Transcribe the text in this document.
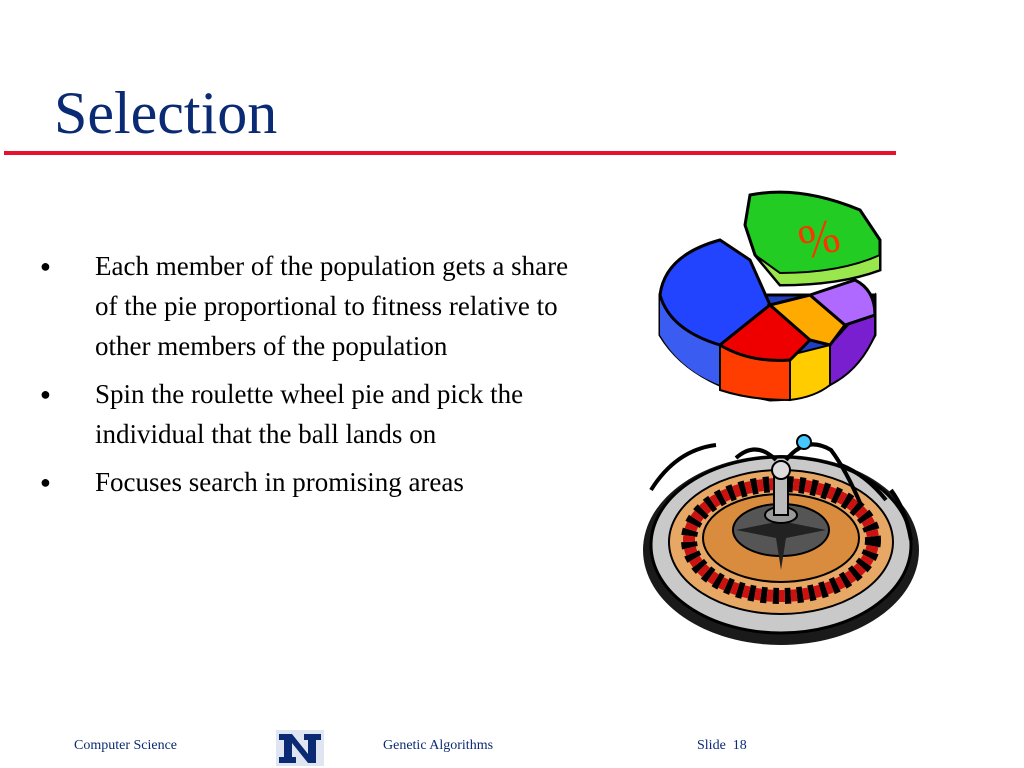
Selection
● Each member of the population gets a share of the pie proportional to fitness relative to other members of the population
● Spin the roulette wheel pie and pick the individual that the ball lands on
● Focuses search in promising areas
%
Computer Science	Genetic Algorithms	Slide 18
